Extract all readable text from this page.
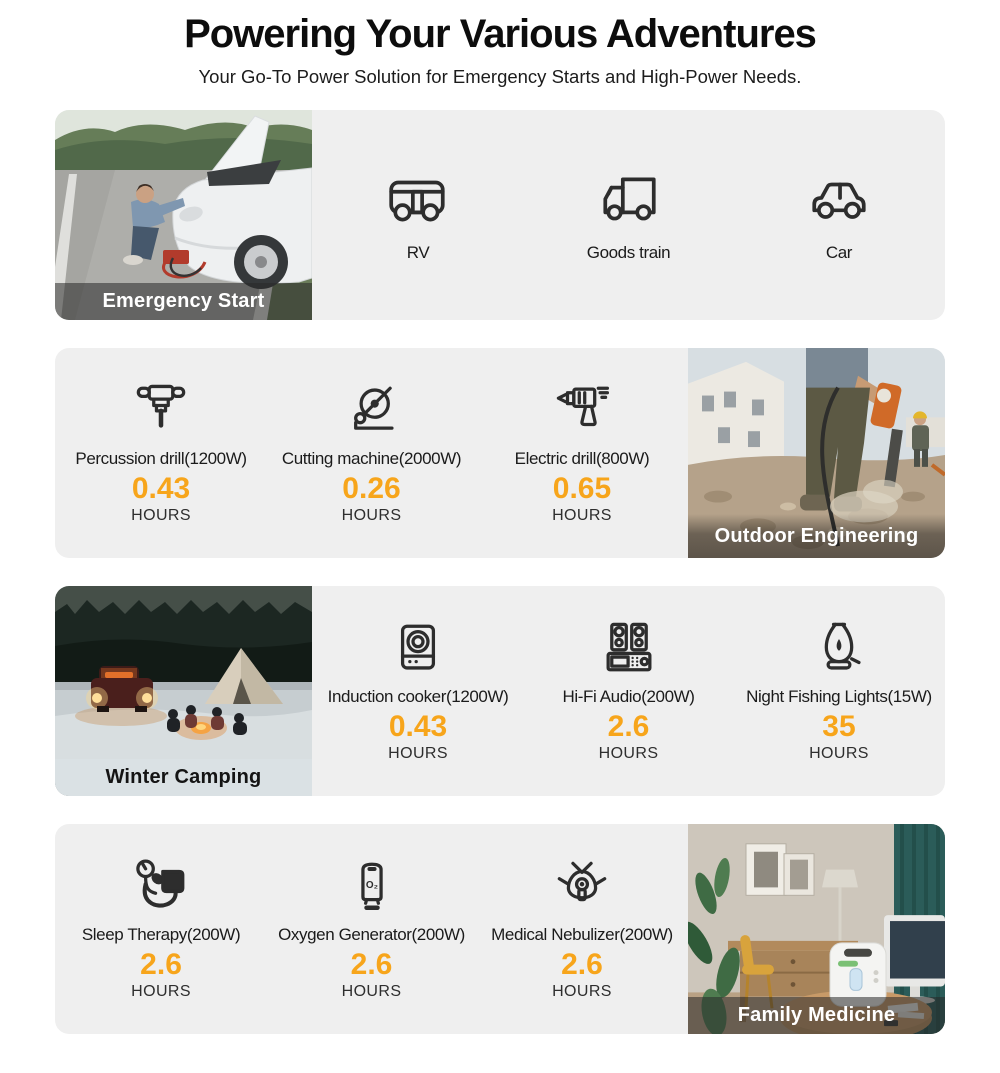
Powering Your Various Adventures

Your Go-To Power Solution for Emergency Starts and High-Power Needs.

Emergency Start
RV	Goods train	Car
Percussion drill(1200W)
0.43
HOURS
Cutting machine(2000W)
0.26
HOURS
Electric drill(800W)
0.65
HOURS
Outdoor Engineering
Winter Camping
Induction cooker(1200W)
0.43
HOURS
Hi-Fi Audio(200W)
2.6
HOURS
Night Fishing Lights(15W)
35
HOURS
Sleep Therapy(200W)
2.6
HOURS
O₂
Oxygen Generator(200W)
2.6
HOURS
Medical Nebulizer(200W)
2.6
HOURS
Family Medicine
